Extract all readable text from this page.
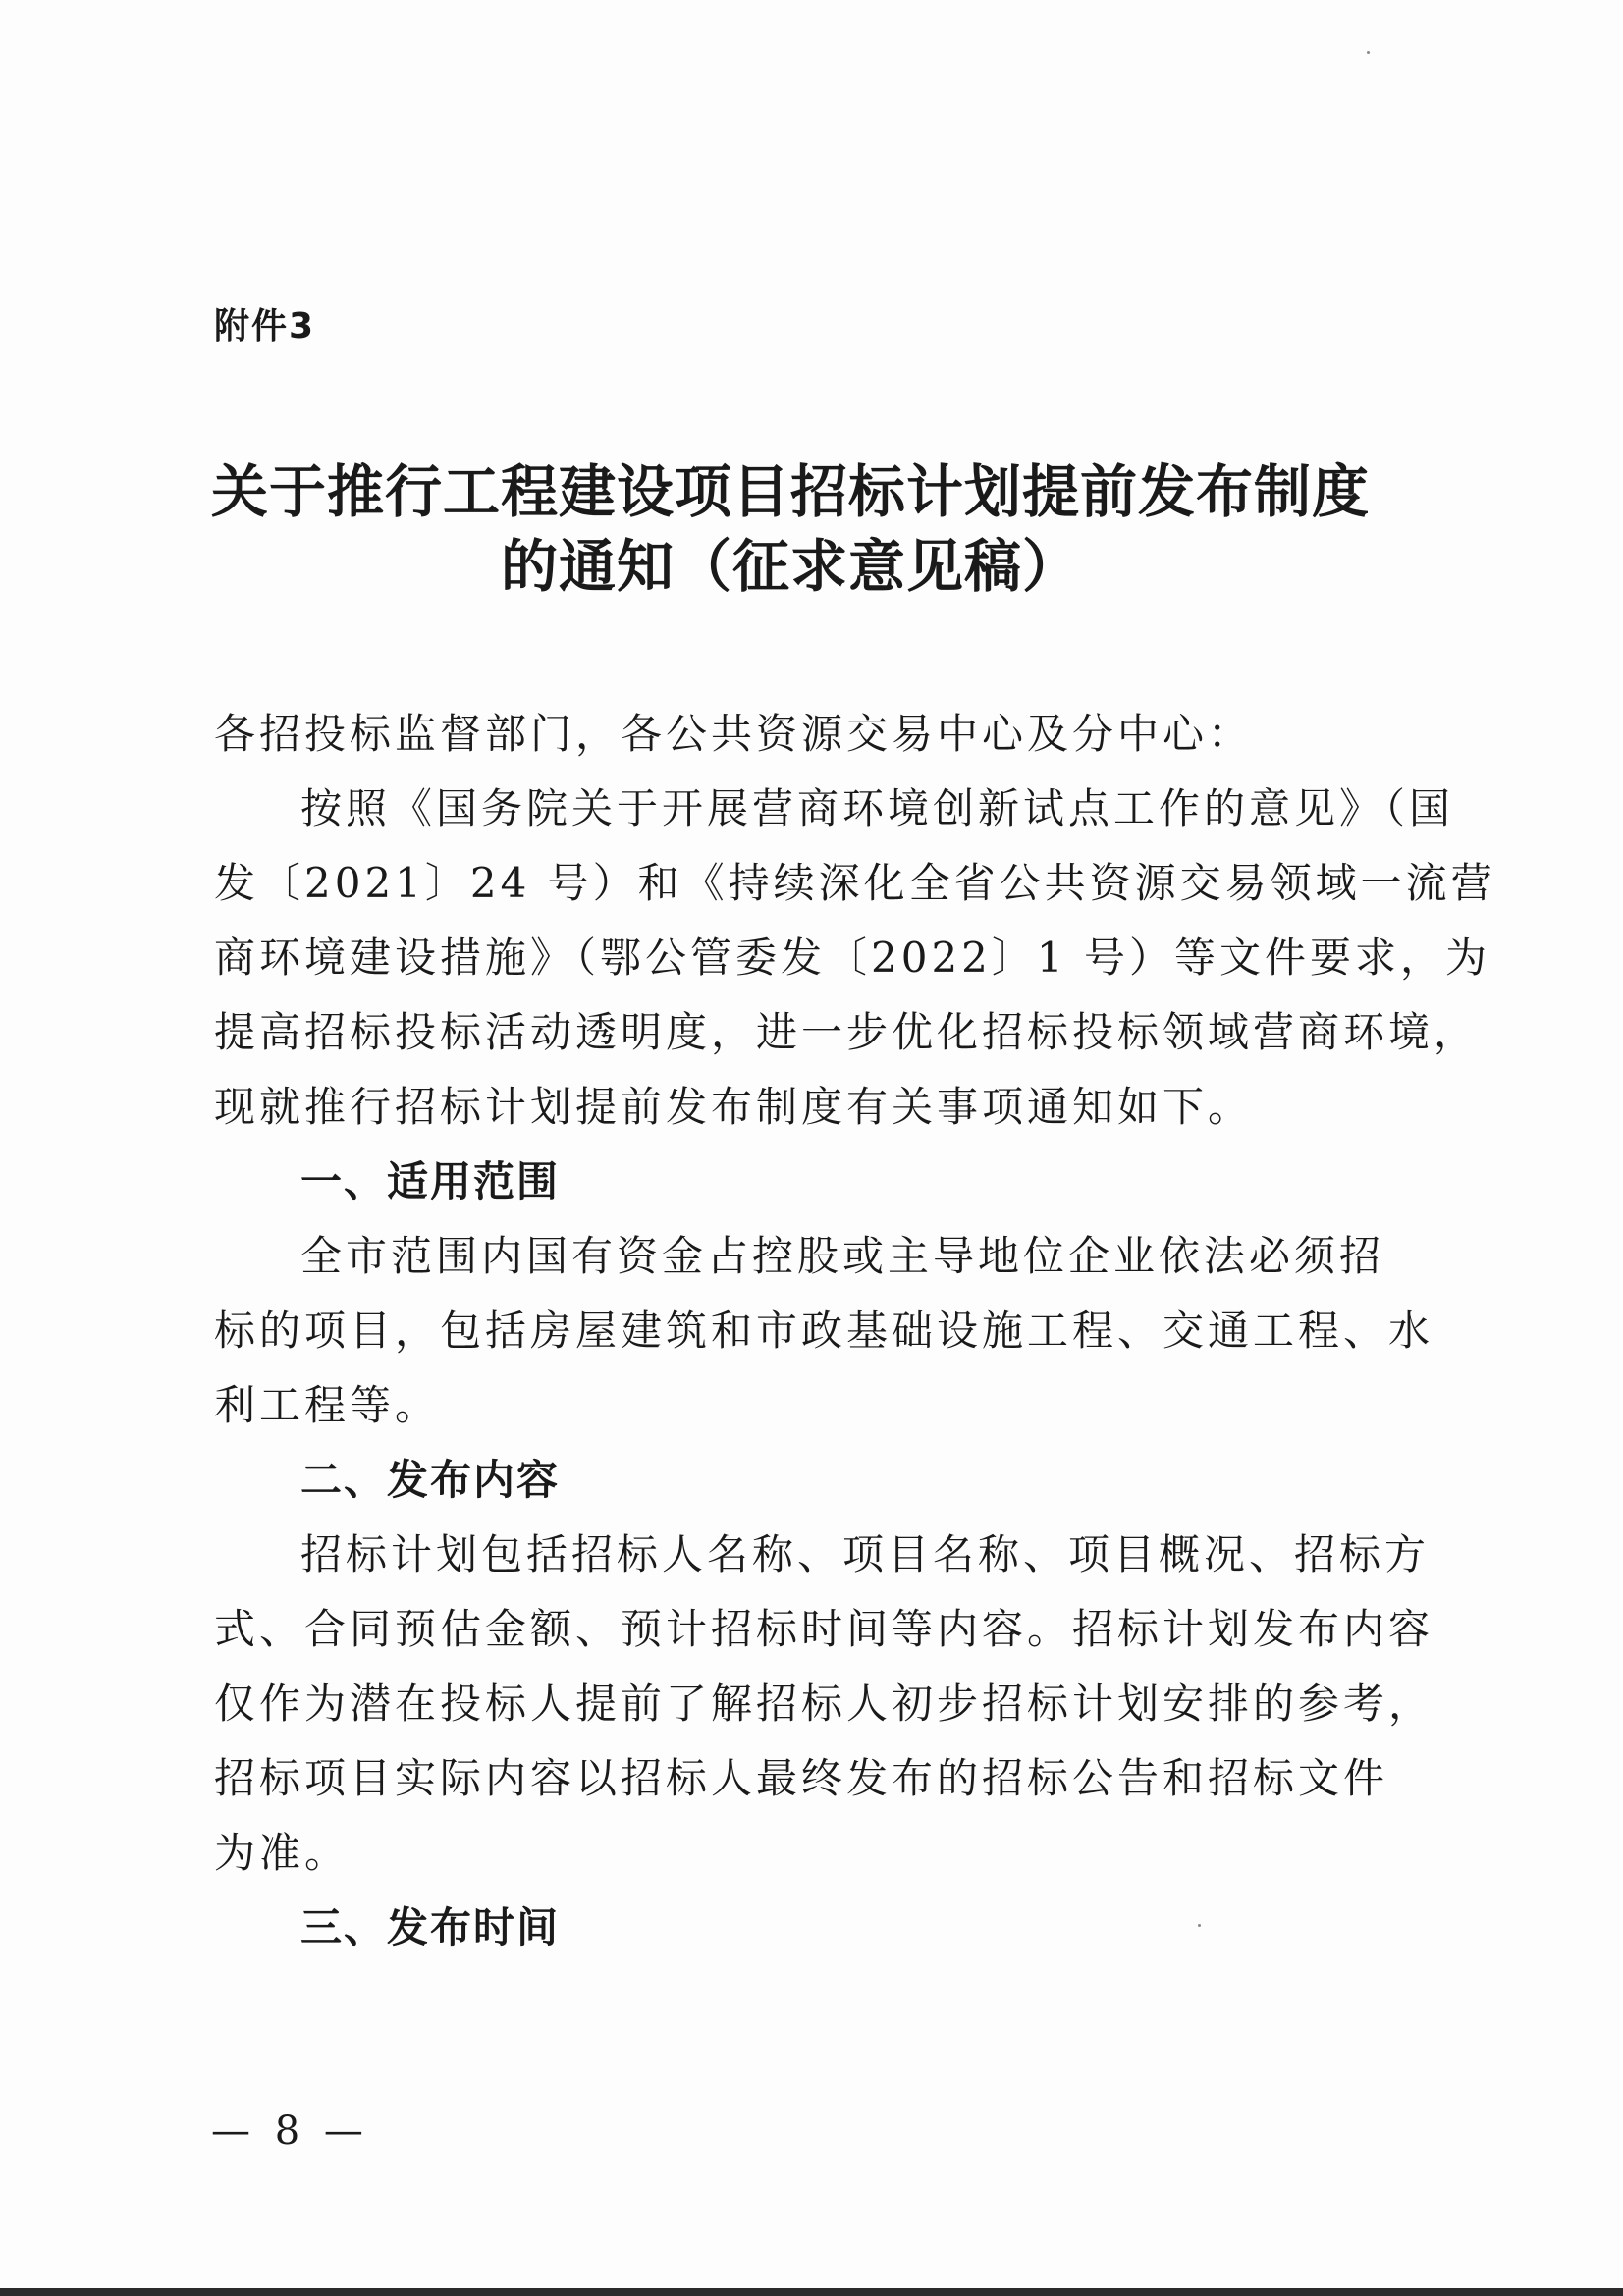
附件3
关于推行工程建设项目招标计划提前发布制度
的通知（征求意见稿）
各招投标监督部门，各公共资源交易中心及分中心：
按照《国务院关于开展营商环境创新试点工作的意见》（国
发〔2021〕24 号）和《持续深化全省公共资源交易领域一流营
商环境建设措施》（鄂公管委发〔2022〕1 号）等文件要求，为
提高招标投标活动透明度，进一步优化招标投标领域营商环境，
现就推行招标计划提前发布制度有关事项通知如下。
一、适用范围
全市范围内国有资金占控股或主导地位企业依法必须招
标的项目，包括房屋建筑和市政基础设施工程、交通工程、水
利工程等。
二、发布内容
招标计划包括招标人名称、项目名称、项目概况、招标方
式、合同预估金额、预计招标时间等内容。招标计划发布内容
仅作为潜在投标人提前了解招标人初步招标计划安排的参考，
招标项目实际内容以招标人最终发布的招标公告和招标文件
为准。
三、发布时间
— 8 —
